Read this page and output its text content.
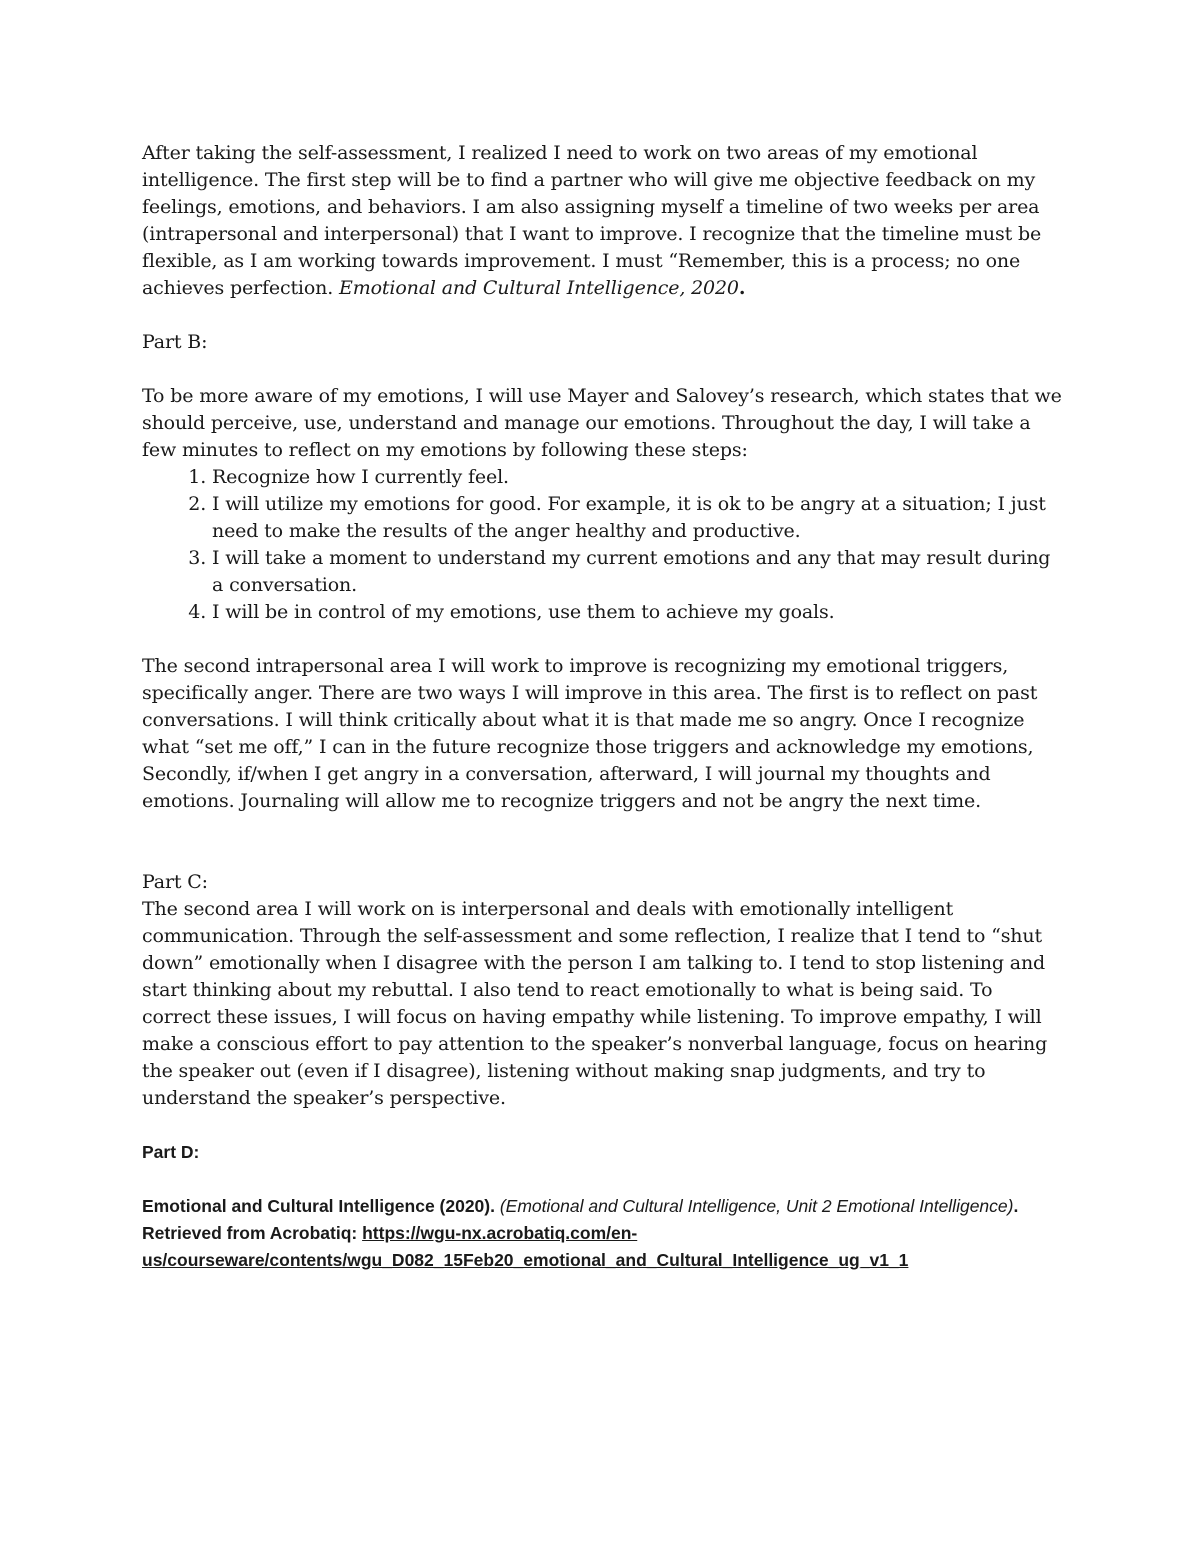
After taking the self-assessment, I realized I need to work on two areas of my emotional intelligence. The first step will be to find a partner who will give me objective feedback on my feelings, emotions, and behaviors. I am also assigning myself a timeline of two weeks per area (intrapersonal and interpersonal) that I want to improve. I recognize that the timeline must be flexible, as I am working towards improvement. I must “Remember, this is a process; no one achieves perfection. Emotional and Cultural Intelligence, 2020.

Part B:

To be more aware of my emotions, I will use Mayer and Salovey’s research, which states that we should perceive, use, understand and manage our emotions. Throughout the day, I will take a few minutes to reflect on my emotions by following these steps:

1. Recognize how I currently feel.
2. I will utilize my emotions for good. For example, it is ok to be angry at a situation; I just need to make the results of the anger healthy and productive.
3. I will take a moment to understand my current emotions and any that may result during a conversation.
4. I will be in control of my emotions, use them to achieve my goals.

The second intrapersonal area I will work to improve is recognizing my emotional triggers, specifically anger. There are two ways I will improve in this area. The first is to reflect on past conversations. I will think critically about what it is that made me so angry. Once I recognize what “set me off,” I can in the future recognize those triggers and acknowledge my emotions, Secondly, if/when I get angry in a conversation, afterward, I will journal my thoughts and emotions. Journaling will allow me to recognize triggers and not be angry the next time.

Part C:

The second area I will work on is interpersonal and deals with emotionally intelligent communication. Through the self-assessment and some reflection, I realize that I tend to “shut down” emotionally when I disagree with the person I am talking to. I tend to stop listening and start thinking about my rebuttal. I also tend to react emotionally to what is being said. To correct these issues, I will focus on having empathy while listening. To improve empathy, I will make a conscious effort to pay attention to the speaker’s nonverbal language, focus on hearing the speaker out (even if I disagree), listening without making snap judgments, and try to understand the speaker’s perspective.

Part D:

Emotional and Cultural Intelligence (2020). (Emotional and Cultural Intelligence, Unit 2 Emotional Intelligence). Retrieved from Acrobatiq: https://wgu-nx.acrobatiq.com/en-us/courseware/contents/wgu_D082_15Feb20_emotional_and_Cultural_Intelligence_ug_v1_1
